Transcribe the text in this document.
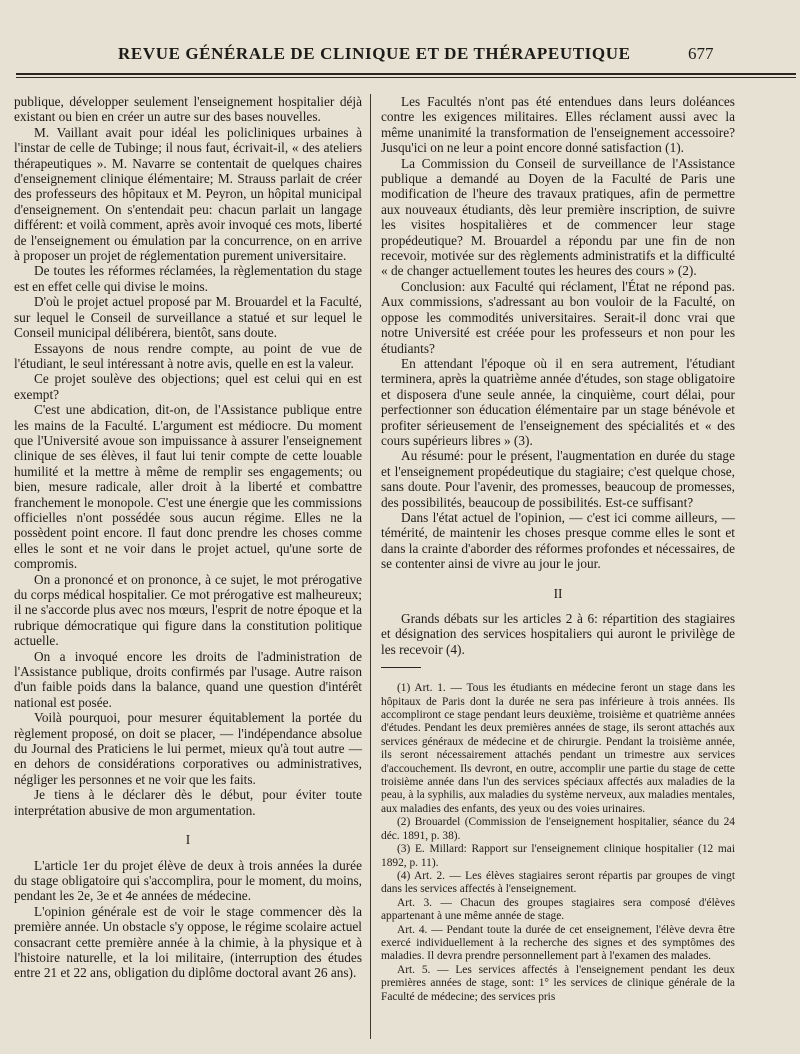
REVUE GÉNÉRALE DE CLINIQUE ET DE THÉRAPEUTIQUE	677

publique, développer seulement l'enseignement hospitalier déjà existant ou bien en créer un autre sur des bases nouvelles.

M. Vaillant avait pour idéal les policliniques urbaines à l'instar de celle de Tubinge; il nous faut, écrivait-il, « des ateliers thérapeutiques ». M. Navarre se contentait de quelques chaires d'enseignement clinique élémentaire; M. Strauss parlait de créer des professeurs des hôpitaux et M. Peyron, un hôpital municipal d'enseignement. On s'entendait peu: chacun parlait un langage différent: et voilà comment, après avoir invoqué ces mots, liberté de l'enseignement ou émulation par la concurrence, on en arrive à proposer un projet de réglementation purement universitaire.

De toutes les réformes réclamées, la règlementation du stage est en effet celle qui divise le moins.

D'où le projet actuel proposé par M. Brouardel et la Faculté, sur lequel le Conseil de surveillance a statué et sur lequel le Conseil municipal délibérera, bientôt, sans doute.

Essayons de nous rendre compte, au point de vue de l'étudiant, le seul intéressant à notre avis, quelle en est la valeur.

Ce projet soulève des objections; quel est celui qui en est exempt?

C'est une abdication, dit-on, de l'Assistance publique entre les mains de la Faculté. L'argument est médiocre. Du moment que l'Université avoue son impuissance à assurer l'enseignement clinique de ses élèves, il faut lui tenir compte de cette louable humilité et la mettre à même de remplir ses engagements; ou bien, mesure radicale, aller droit à la liberté et combattre franchement le monopole. C'est une énergie que les commissions officielles n'ont possédée sous aucun régime. Elles ne la possèdent point encore. Il faut donc prendre les choses comme elles le sont et ne voir dans le projet actuel, qu'une sorte de compromis.

On a prononcé et on prononce, à ce sujet, le mot prérogative du corps médical hospitalier. Ce mot prérogative est malheureux; il ne s'accorde plus avec nos mœurs, l'esprit de notre époque et la rubrique démocratique qui figure dans la constitution politique actuelle.

On a invoqué encore les droits de l'administration de l'Assistance publique, droits confirmés par l'usage. Autre raison d'un faible poids dans la balance, quand une question d'intérêt national est posée.

Voilà pourquoi, pour mesurer équitablement la portée du règlement proposé, on doit se placer, — l'indépendance absolue du Journal des Praticiens le lui permet, mieux qu'à tout autre — en dehors de considérations corporatives ou administratives, négliger les personnes et ne voir que les faits.

Je tiens à le déclarer dès le début, pour éviter toute interprétation abusive de mon argumentation.

I

L'article 1er du projet élève de deux à trois années la durée du stage obligatoire qui s'accomplira, pour le moment, du moins, pendant les 2e, 3e et 4e années de médecine.

L'opinion générale est de voir le stage commencer dès la première année. Un obstacle s'y oppose, le régime scolaire actuel consacrant cette première année à la chimie, à la physique et à l'histoire naturelle, et la loi militaire, (interruption des études entre 21 et 22 ans, obligation du diplôme doctoral avant 26 ans).

Les Facultés n'ont pas été entendues dans leurs doléances contre les exigences militaires. Elles réclament aussi avec la même unanimité la transformation de l'enseignement accessoire? Jusqu'ici on ne leur a point encore donné satisfaction (1).

La Commission du Conseil de surveillance de l'Assistance publique a demandé au Doyen de la Faculté de Paris une modification de l'heure des travaux pratiques, afin de permettre aux nouveaux étudiants, dès leur première inscription, de suivre les visites hospitalières et de commencer leur stage propédeutique? M. Brouardel a répondu par une fin de non recevoir, motivée sur des règlements administratifs et la difficulté « de changer actuellement toutes les heures des cours » (2).

Conclusion: aux Faculté qui réclament, l'État ne répond pas. Aux commissions, s'adressant au bon vouloir de la Faculté, on oppose les commodités universitaires. Serait-il donc vrai que notre Université est créée pour les professeurs et non pour les étudiants?

En attendant l'époque où il en sera autrement, l'étudiant terminera, après la quatrième année d'études, son stage obligatoire et disposera d'une seule année, la cinquième, court délai, pour perfectionner son éducation élémentaire par un stage bénévole et profiter sérieusement de l'enseignement des spécialités et « des cours supérieurs libres » (3).

Au résumé: pour le présent, l'augmentation en durée du stage et l'enseignement propédeutique du stagiaire; c'est quelque chose, sans doute. Pour l'avenir, des promesses, beaucoup de promesses, des possibilités, beaucoup de possibilités. Est-ce suffisant?

Dans l'état actuel de l'opinion, — c'est ici comme ailleurs, — témérité, de maintenir les choses presque comme elles le sont et dans la crainte d'aborder des réformes profondes et nécessaires, de se contenter ainsi de vivre au jour le jour.

II

Grands débats sur les articles 2 à 6: répartition des stagiaires et désignation des services hospitaliers qui auront le privilège de les recevoir (4).

(1) Art. 1. — Tous les étudiants en médecine feront un stage dans les hôpitaux de Paris dont la durée ne sera pas inférieure à trois années. Ils accompliront ce stage pendant leurs deuxième, troisième et quatrième années d'études. Pendant les deux premières années de stage, ils seront attachés aux services généraux de médecine et de chirurgie. Pendant la troisième année, ils seront nécessairement attachés pendant un trimestre aux services d'accouchement. Ils devront, en outre, accomplir une partie du stage de cette troisième année dans l'un des services spéciaux affectés aux maladies de la peau, à la syphilis, aux maladies du système nerveux, aux maladies mentales, aux maladies des enfants, des yeux ou des voies urinaires.

(2) Brouardel (Commission de l'enseignement hospitalier, séance du 24 déc. 1891, p. 38).

(3) E. Millard: Rapport sur l'enseignement clinique hospitalier (12 mai 1892, p. 11).

(4) Art. 2. — Les élèves stagiaires seront répartis par groupes de vingt dans les services affectés à l'enseignement.

Art. 3. — Chacun des groupes stagiaires sera composé d'élèves appartenant à une même année de stage.

Art. 4. — Pendant toute la durée de cet enseignement, l'élève devra être exercé individuellement à la recherche des signes et des symptômes des maladies. Il devra prendre personnellement part à l'examen des malades.

Art. 5. — Les services affectés à l'enseignement pendant les deux premières années de stage, sont: 1° les services de clinique générale de la Faculté de médecine; des services pris
